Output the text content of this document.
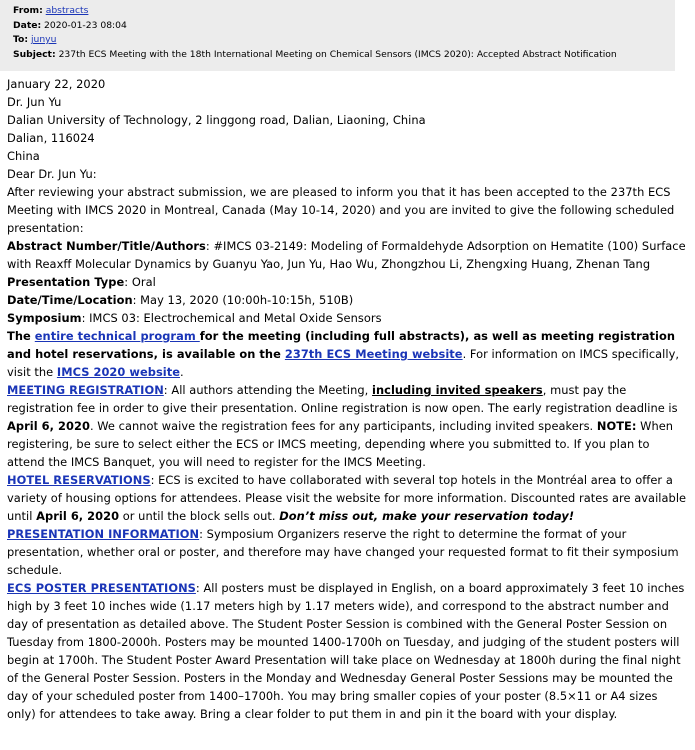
From: abstracts
Date: 2020-01-23 08:04
To: junyu
Subject: 237th ECS Meeting with the 18th International Meeting on Chemical Sensors (IMCS 2020): Accepted Abstract Notification

January 22, 2020

Dr. Jun Yu

Dalian University of Technology, 2 linggong road, Dalian, Liaoning, China

Dalian, 116024

China

Dear Dr. Jun Yu:

After reviewing your abstract submission, we are pleased to inform you that it has been accepted to the 237th ECS Meeting with IMCS 2020 in Montreal, Canada (May 10-14, 2020) and you are invited to give the following scheduled presentation:

Abstract Number/Title/Authors: #IMCS 03-2149: Modeling of Formaldehyde Adsorption on Hematite (100) Surface with Reaxff Molecular Dynamics by Guanyu Yao, Jun Yu, Hao Wu, Zhongzhou Li, Zhengxing Huang, Zhenan Tang

Presentation Type: Oral

Date/Time/Location: May 13, 2020 (10:00h-10:15h, 510B)

Symposium: IMCS 03: Electrochemical and Metal Oxide Sensors

The entire technical program for the meeting (including full abstracts), as well as meeting registration and hotel reservations, is available on the 237th ECS Meeting website. For information on IMCS specifically, visit the IMCS 2020 website.

MEETING REGISTRATION: All authors attending the Meeting, including invited speakers, must pay the registration fee in order to give their presentation. Online registration is now open. The early registration deadline is April 6, 2020. We cannot waive the registration fees for any participants, including invited speakers. NOTE: When registering, be sure to select either the ECS or IMCS meeting, depending where you submitted to. If you plan to attend the IMCS Banquet, you will need to register for the IMCS Meeting.

HOTEL RESERVATIONS: ECS is excited to have collaborated with several top hotels in the Montréal area to offer a variety of housing options for attendees. Please visit the website for more information. Discounted rates are available until April 6, 2020 or until the block sells out. Don’t miss out, make your reservation today!

PRESENTATION INFORMATION: Symposium Organizers reserve the right to determine the format of your presentation, whether oral or poster, and therefore may have changed your requested format to fit their symposium schedule.

ECS POSTER PRESENTATIONS: All posters must be displayed in English, on a board approximately 3 feet 10 inches high by 3 feet 10 inches wide (1.17 meters high by 1.17 meters wide), and correspond to the abstract number and day of presentation as detailed above. The Student Poster Session is combined with the General Poster Session on Tuesday from 1800-2000h. Posters may be mounted 1400-1700h on Tuesday, and judging of the student posters will begin at 1700h. The Student Poster Award Presentation will take place on Wednesday at 1800h during the final night of the General Poster Session. Posters in the Monday and Wednesday General Poster Sessions may be mounted the day of your scheduled poster from 1400–1700h. You may bring smaller copies of your poster (8.5×11 or A4 sizes only) for attendees to take away. Bring a clear folder to put them in and pin it the board with your display.
